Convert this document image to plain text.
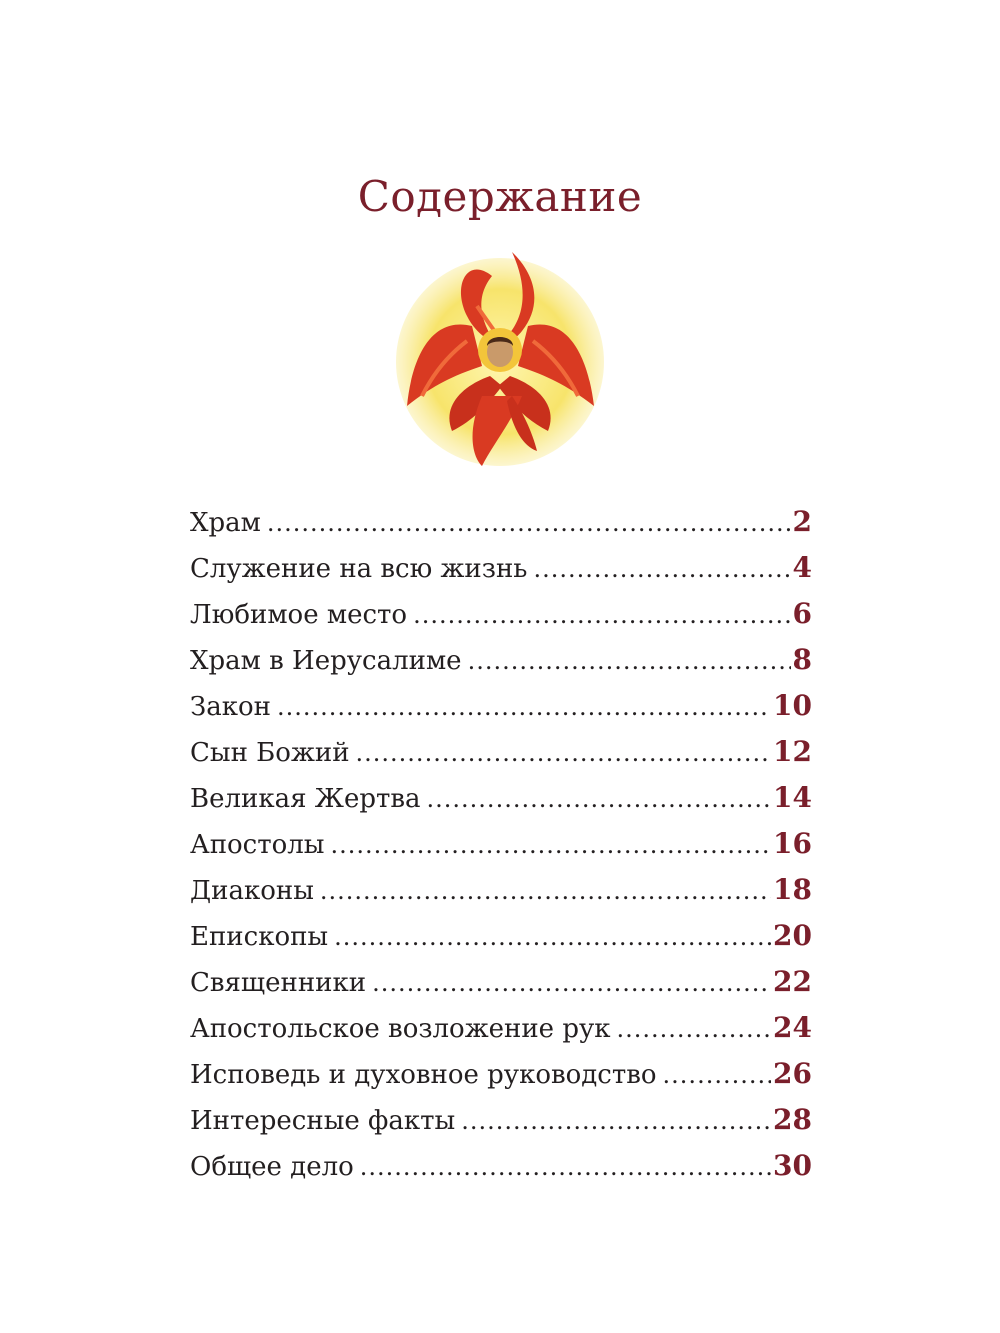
Содержание
Храм .....	2
Служение на всю жизнь .....	4
Любимое место .....	6
Храм в Иерусалиме .....	8
Закон .....	10
Сын Божий .....	12
Великая Жертва .....	14
Апостолы .....	16
Диаконы .....	18
Епископы .....	20
Священники .....	22
Апостольское возложение рук .....	24
Исповедь и духовное руководство .....	26
Интересные факты .....	28
Общее дело .....	30
